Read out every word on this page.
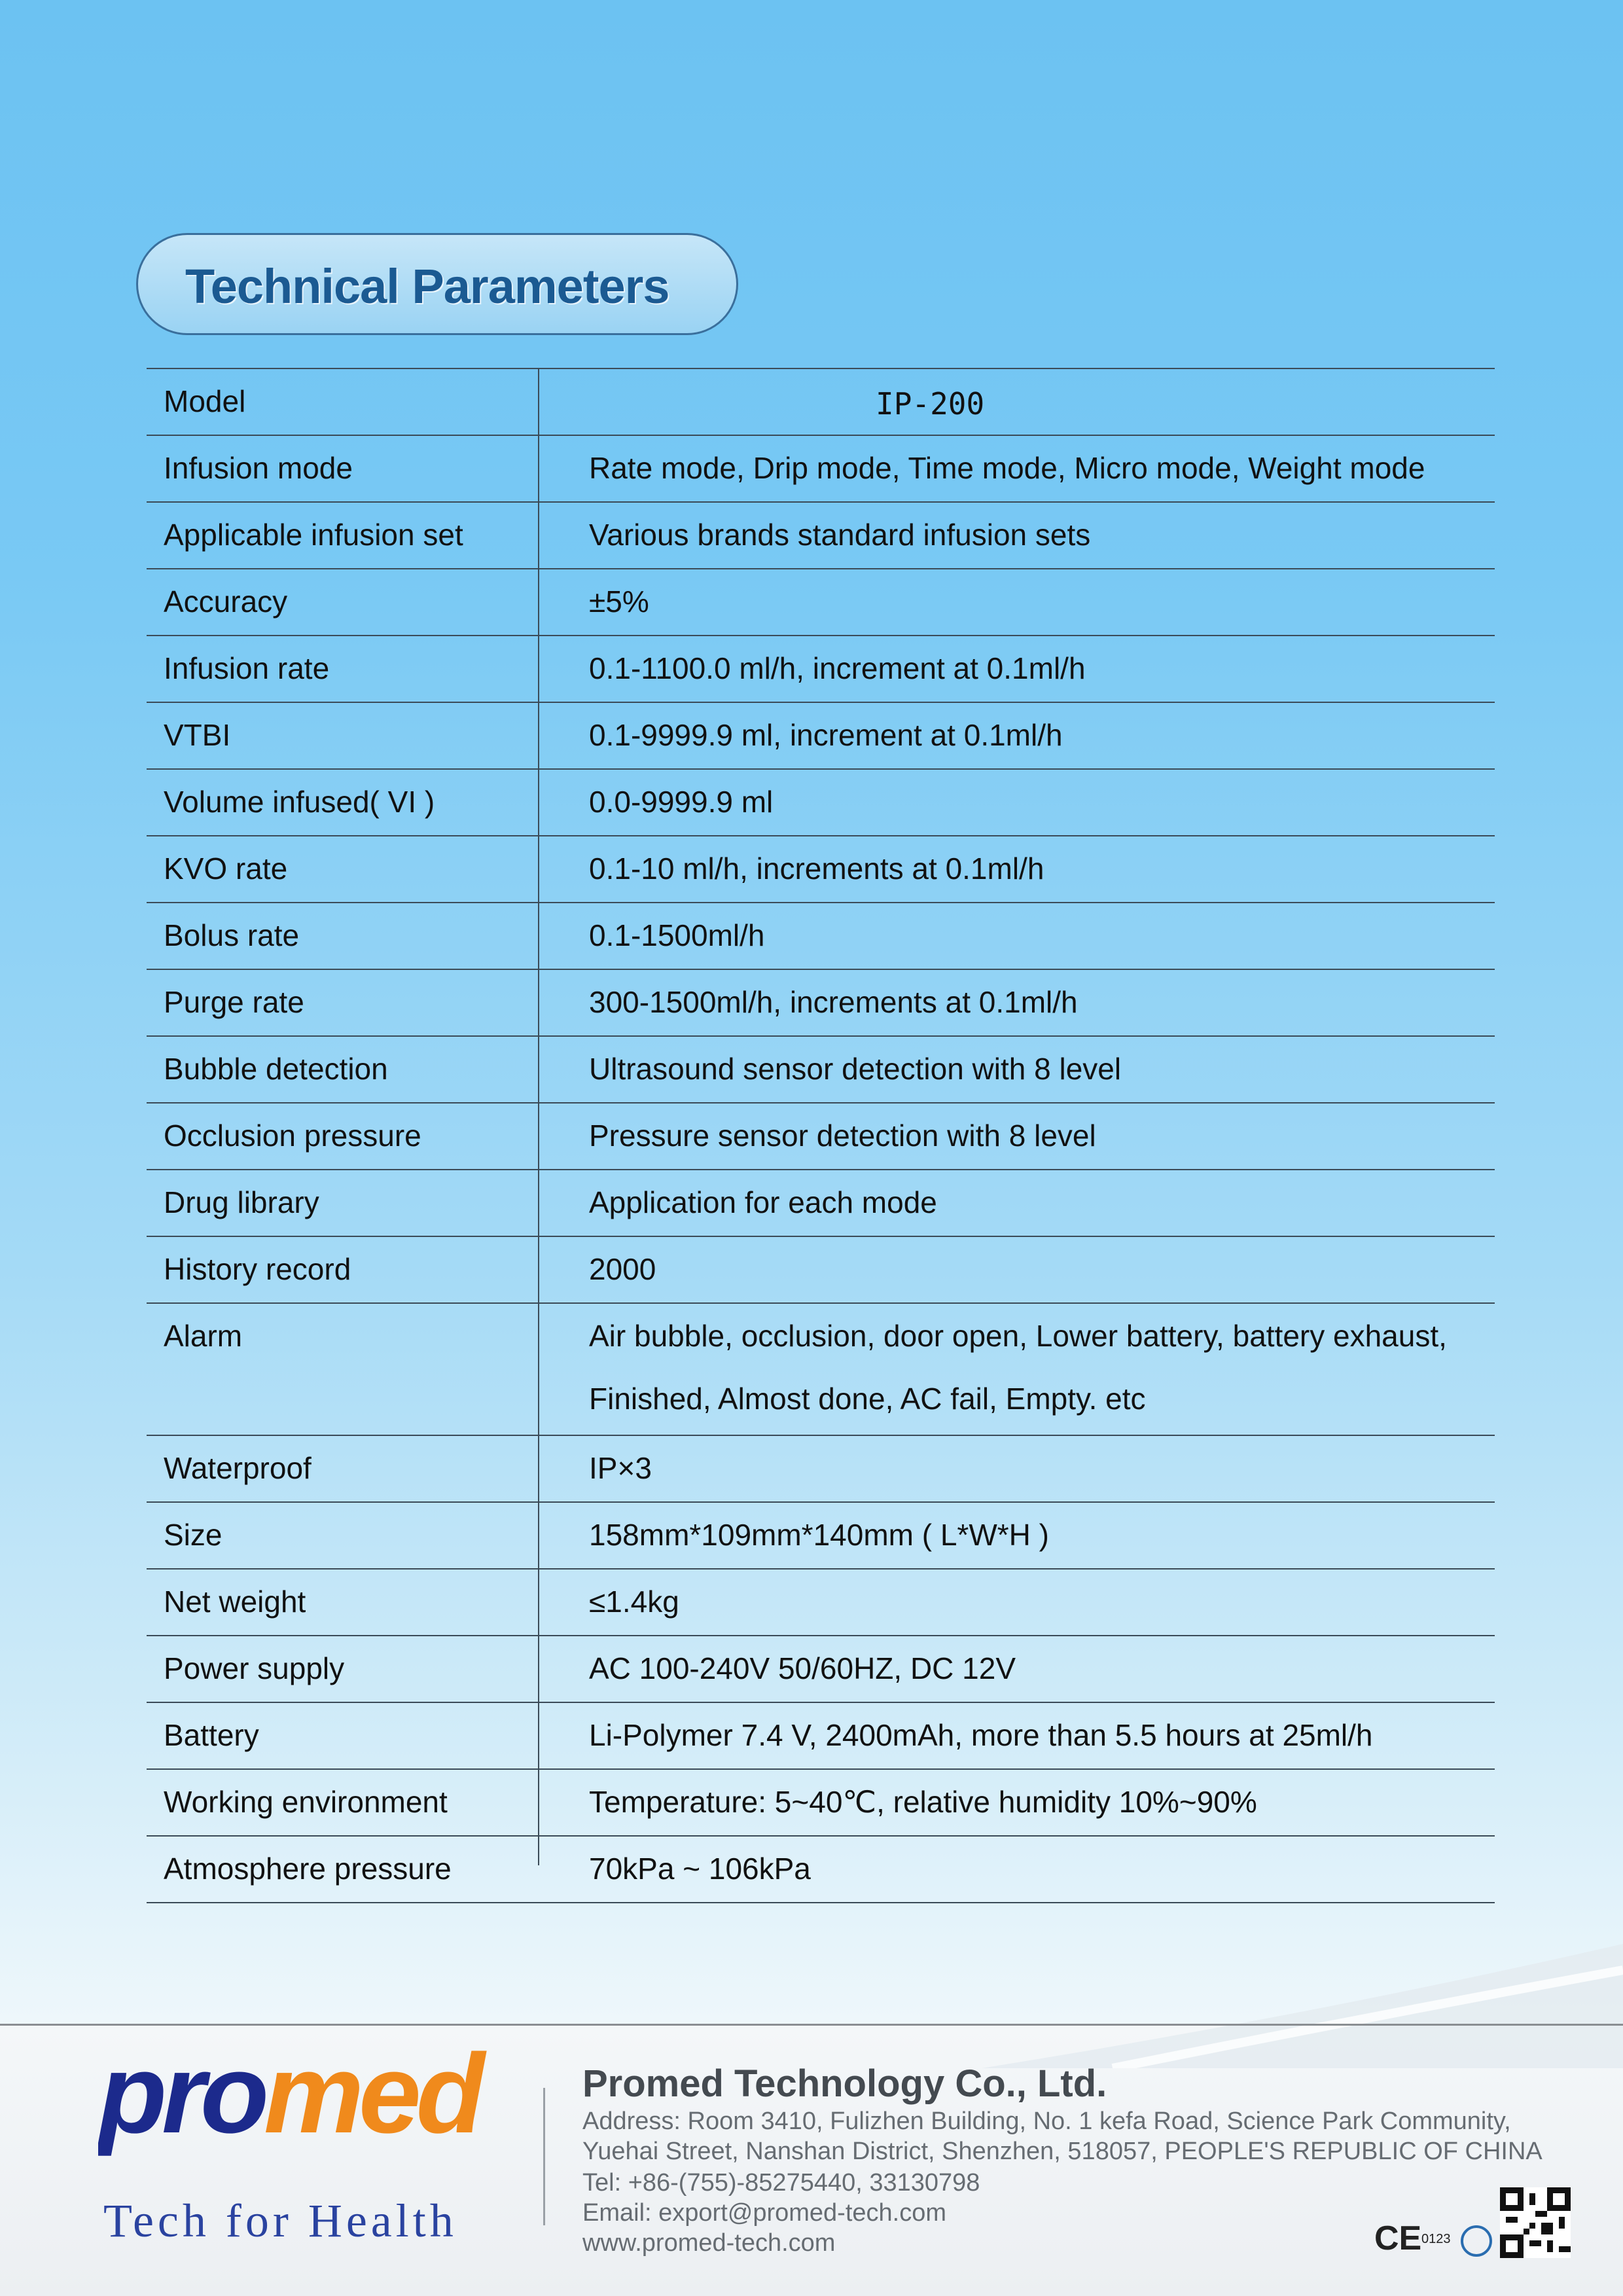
Technical Parameters
Model	IP-200
Infusion mode	Rate mode, Drip mode, Time mode, Micro mode, Weight mode
Applicable infusion set	Various brands standard infusion sets
Accuracy	±5%
Infusion rate	0.1-1100.0 ml/h, increment at 0.1ml/h
VTBI	0.1-9999.9 ml, increment at 0.1ml/h
Volume infused( VI )	0.0-9999.9 ml
KVO rate	0.1-10 ml/h, increments at 0.1ml/h
Bolus rate	0.1-1500ml/h
Purge rate	300-1500ml/h, increments at 0.1ml/h
Bubble detection	Ultrasound sensor detection with 8 level
Occlusion pressure	Pressure sensor detection with 8 level
Drug library	Application for each mode
History record	2000
Alarm	Air bubble, occlusion, door open, Lower battery, battery exhaust,
Finished, Almost done, AC fail, Empty. etc
Waterproof	IP×3
Size	158mm*109mm*140mm ( L*W*H )
Net weight	≤1.4kg
Power supply	AC 100-240V 50/60HZ, DC 12V
Battery	Li-Polymer 7.4 V, 2400mAh, more than 5.5 hours at 25ml/h
Working environment	Temperature: 5~40℃, relative humidity 10%~90%
Atmosphere pressure	70kPa ~ 106kPa
promed
Tech for Health
Promed Technology Co., Ltd.
Address: Room 3410, Fulizhen Building, No. 1 kefa Road, Science Park Community,
Yuehai Street, Nanshan District, Shenzhen, 518057, PEOPLE'S REPUBLIC OF CHINA
Tel: +86-(755)-85275440, 33130798
Email: export@promed-tech.com
www.promed-tech.com	CE 0123
